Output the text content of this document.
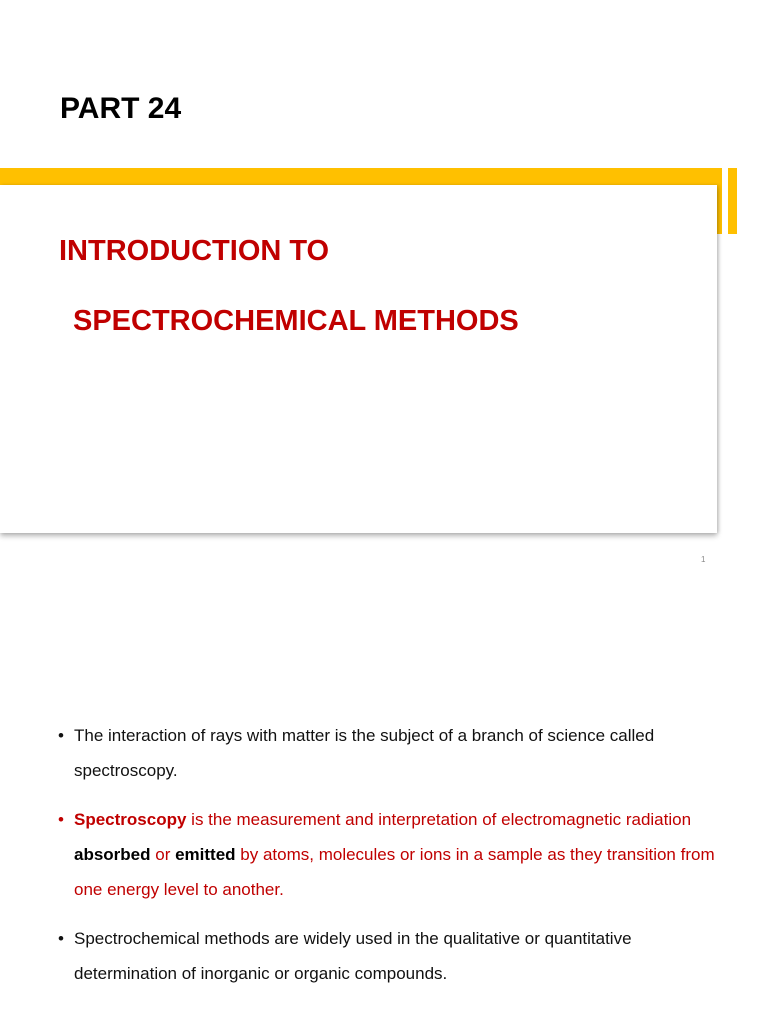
PART 24
INTRODUCTION TO
SPECTROCHEMICAL METHODS
1
• The interaction of rays with matter is the subject of a branch of science called spectroscopy.
• Spectroscopy is the measurement and interpretation of electromagnetic radiation absorbed or emitted by atoms, molecules or ions in a sample as they transition from one energy level to another.
• Spectrochemical methods are widely used in the qualitative or quantitative determination of inorganic or organic compounds.
